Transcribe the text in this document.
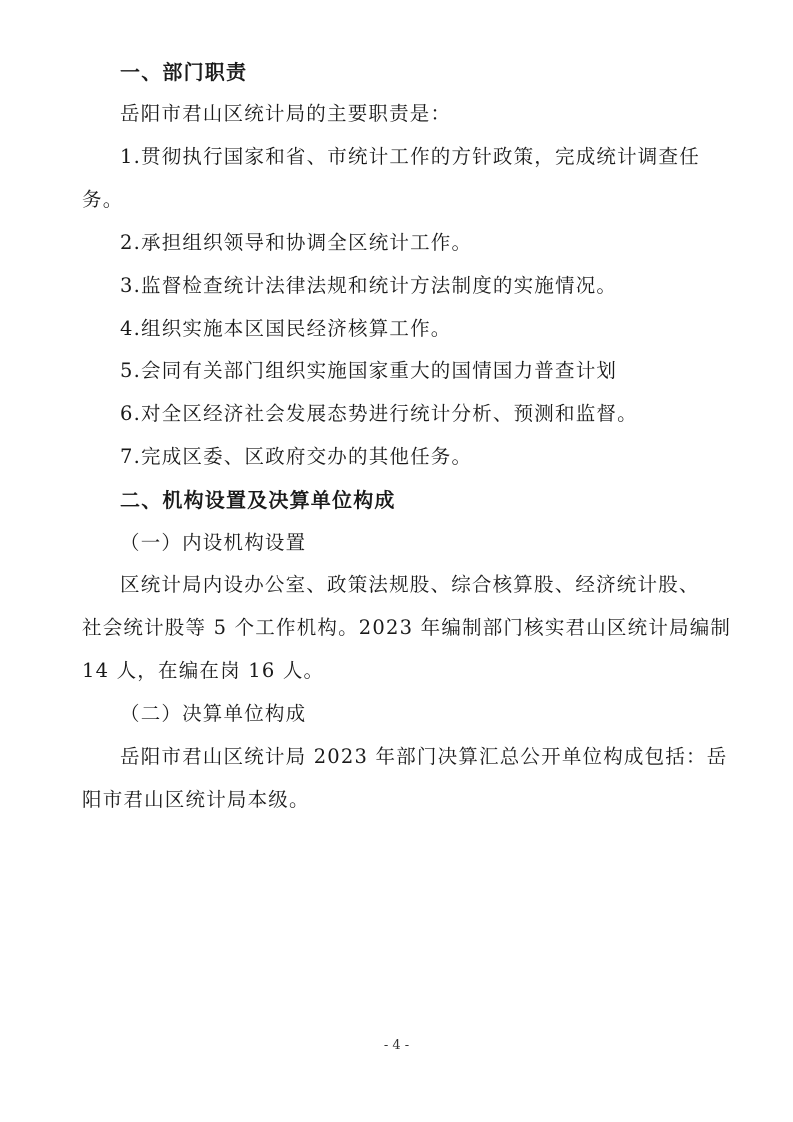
一、部门职责
岳阳市君山区统计局的主要职责是：
1.贯彻执行国家和省、市统计工作的方针政策，完成统计调查任
务。
2.承担组织领导和协调全区统计工作。
3.监督检查统计法律法规和统计方法制度的实施情况。
4.组织实施本区国民经济核算工作。
5.会同有关部门组织实施国家重大的国情国力普查计划
6.对全区经济社会发展态势进行统计分析、预测和监督。
7.完成区委、区政府交办的其他任务。
二、机构设置及决算单位构成
（一）内设机构设置
区统计局内设办公室、政策法规股、综合核算股、经济统计股、
社会统计股等 5 个工作机构。2023 年编制部门核实君山区统计局编制
14 人，在编在岗 16 人。
（二）决算单位构成
岳阳市君山区统计局 2023 年部门决算汇总公开单位构成包括：岳
阳市君山区统计局本级。
- 4 -
